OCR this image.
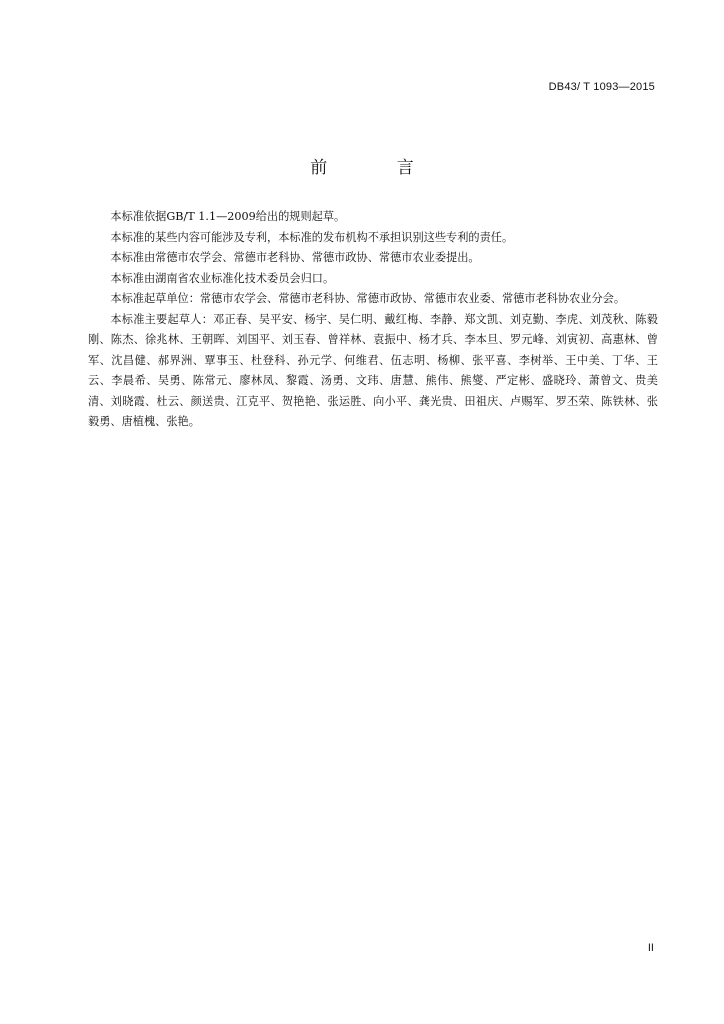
DB43/ T 1093—2015
前 言

本标准依据GB/T 1.1—2009给出的规则起草。

本标准的某些内容可能涉及专利，本标准的发布机构不承担识别这些专利的责任。

本标准由常德市农学会、常德市老科协、常德市政协、常德市农业委提出。

本标准由湖南省农业标准化技术委员会归口。

本标准起草单位：常德市农学会、常德市老科协、常德市政协、常德市农业委、常德市老科协农业分会。

本标准主要起草人：邓正春、吴平安、杨宇、吴仁明、戴红梅、李静、郑文凯、刘克勤、李虎、刘茂秋、陈毅刚、陈杰、徐兆林、王朝晖、刘国平、刘玉春、曾祥林、袁振中、杨才兵、李本旦、罗元峰、刘寅初、高惠林、曾军、沈昌健、郝界洲、覃事玉、杜登科、孙元学、何维君、伍志明、杨柳、张平喜、李树举、王中美、丁华、王云、李晨希、吴勇、陈常元、廖林凤、黎霞、汤勇、文玮、唐慧、熊伟、熊燮、严定彬、盛晓玲、萧曾文、贵美清、刘晓霞、杜云、颜送贵、江克平、贺艳艳、张运胜、向小平、龚光贵、田祖庆、卢赐军、罗丕荣、陈铁林、张毅勇、唐植槐、张艳。

II
